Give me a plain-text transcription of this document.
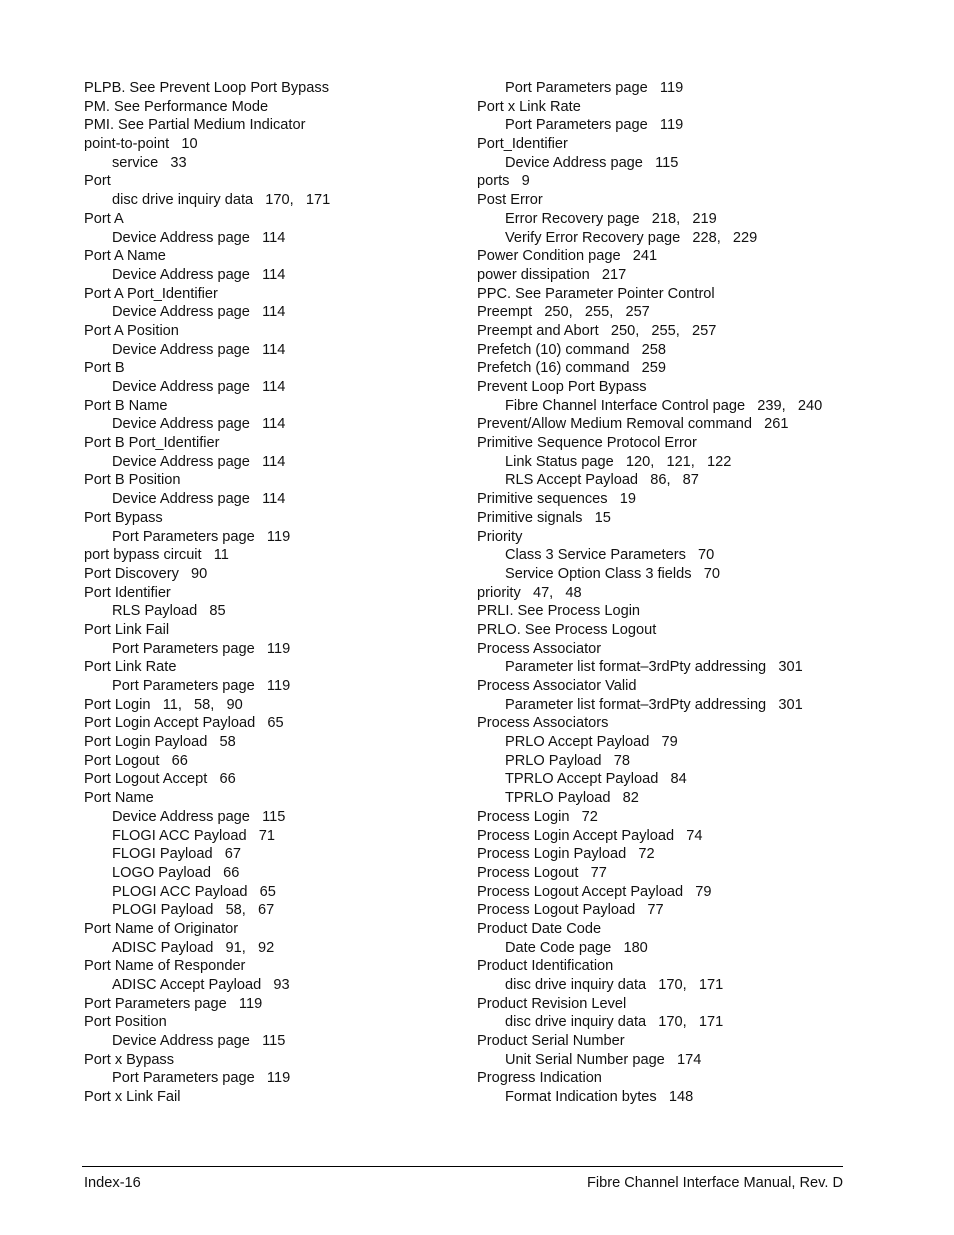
PLPB. See Prevent Loop Port Bypass
PM. See Performance Mode
PMI. See Partial Medium Indicator
point-to-point   10
service   33
Port
disc drive inquiry data   170,   171
Port A
Device Address page   114
Port A Name
Device Address page   114
Port A Port_Identifier
Device Address page   114
Port A Position
Device Address page   114
Port B
Device Address page   114
Port B Name
Device Address page   114
Port B Port_Identifier
Device Address page   114
Port B Position
Device Address page   114
Port Bypass
Port Parameters page   119
port bypass circuit   11
Port Discovery   90
Port Identifier
RLS Payload   85
Port Link Fail
Port Parameters page   119
Port Link Rate
Port Parameters page   119
Port Login   11,   58,   90
Port Login Accept Payload   65
Port Login Payload   58
Port Logout   66
Port Logout Accept   66
Port Name
Device Address page   115
FLOGI ACC Payload   71
FLOGI Payload   67
LOGO Payload   66
PLOGI ACC Payload   65
PLOGI Payload   58,   67
Port Name of Originator
ADISC Payload   91,   92
Port Name of Responder
ADISC Accept Payload   93
Port Parameters page   119
Port Position
Device Address page   115
Port x Bypass
Port Parameters page   119
Port x Link Fail
Port Parameters page   119
Port x Link Rate
Port Parameters page   119
Port_Identifier
Device Address page   115
ports   9
Post Error
Error Recovery page   218,   219
Verify Error Recovery page   228,   229
Power Condition page   241
power dissipation   217
PPC. See Parameter Pointer Control
Preempt   250,   255,   257
Preempt and Abort   250,   255,   257
Prefetch (10) command   258
Prefetch (16) command   259
Prevent Loop Port Bypass
Fibre Channel Interface Control page   239,   240
Prevent/Allow Medium Removal command   261
Primitive Sequence Protocol Error
Link Status page   120,   121,   122
RLS Accept Payload   86,   87
Primitive sequences   19
Primitive signals   15
Priority
Class 3 Service Parameters   70
Service Option Class 3 fields   70
priority   47,   48
PRLI. See Process Login
PRLO. See Process Logout
Process Associator
Parameter list format–3rdPty addressing   301
Process Associator Valid
Parameter list format–3rdPty addressing   301
Process Associators
PRLO Accept Payload   79
PRLO Payload   78
TPRLO Accept Payload   84
TPRLO Payload   82
Process Login   72
Process Login Accept Payload   74
Process Login Payload   72
Process Logout   77
Process Logout Accept Payload   79
Process Logout Payload   77
Product Date Code
Date Code page   180
Product Identification
disc drive inquiry data   170,   171
Product Revision Level
disc drive inquiry data   170,   171
Product Serial Number
Unit Serial Number page   174
Progress Indication
Format Indication bytes   148
Index-16	Fibre Channel Interface Manual, Rev. D
